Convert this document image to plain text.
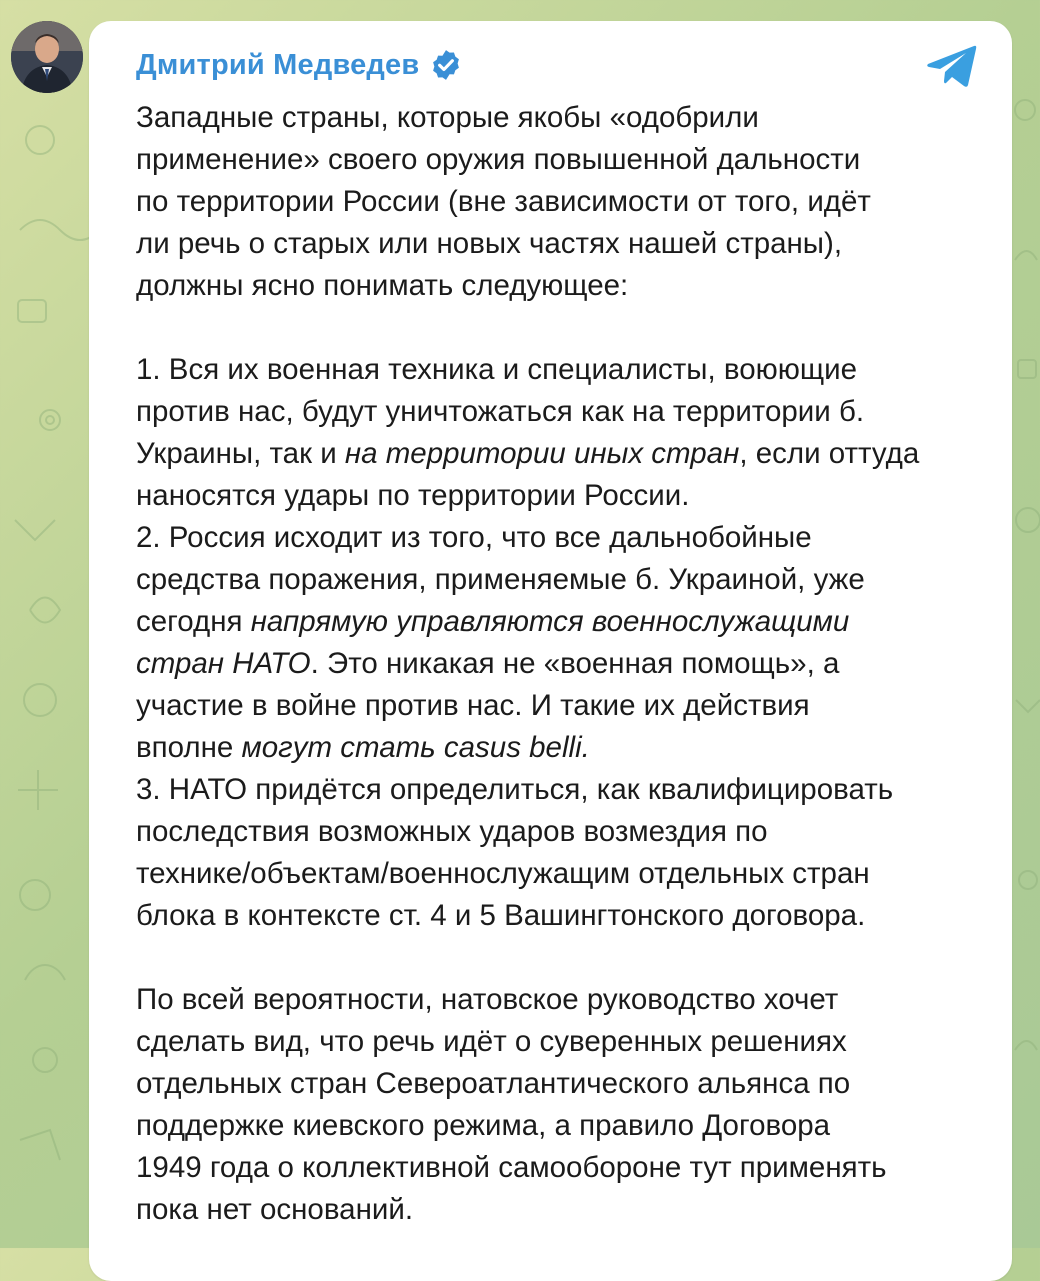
Дмитрий Медведев
Западные страны, которые якобы «одобрили
применение» своего оружия повышенной дальности
по территории России (вне зависимости от того, идёт
ли речь о старых или новых частях нашей страны),
должны ясно понимать следующее:
1. Вся их военная техника и специалисты, воюющие
против нас, будут уничтожаться как на территории б.
Украины, так и на территории иных стран, если оттуда
наносятся удары по территории России.
2. Россия исходит из того, что все дальнобойные
средства поражения, применяемые б. Украиной, уже
сегодня напрямую управляются военнослужащими
стран НАТО. Это никакая не «военная помощь», а
участие в войне против нас. И такие их действия
вполне могут стать casus belli.
3. НАТО придётся определиться, как квалифицировать
последствия возможных ударов возмездия по
технике/объектам/военнослужащим отдельных стран
блока в контексте ст. 4 и 5 Вашингтонского договора.
По всей вероятности, натовское руководство хочет
сделать вид, что речь идёт о суверенных решениях
отдельных стран Североатлантического альянса по
поддержке киевского режима, а правило Договора
1949 года о коллективной самообороне тут применять
пока нет оснований.
